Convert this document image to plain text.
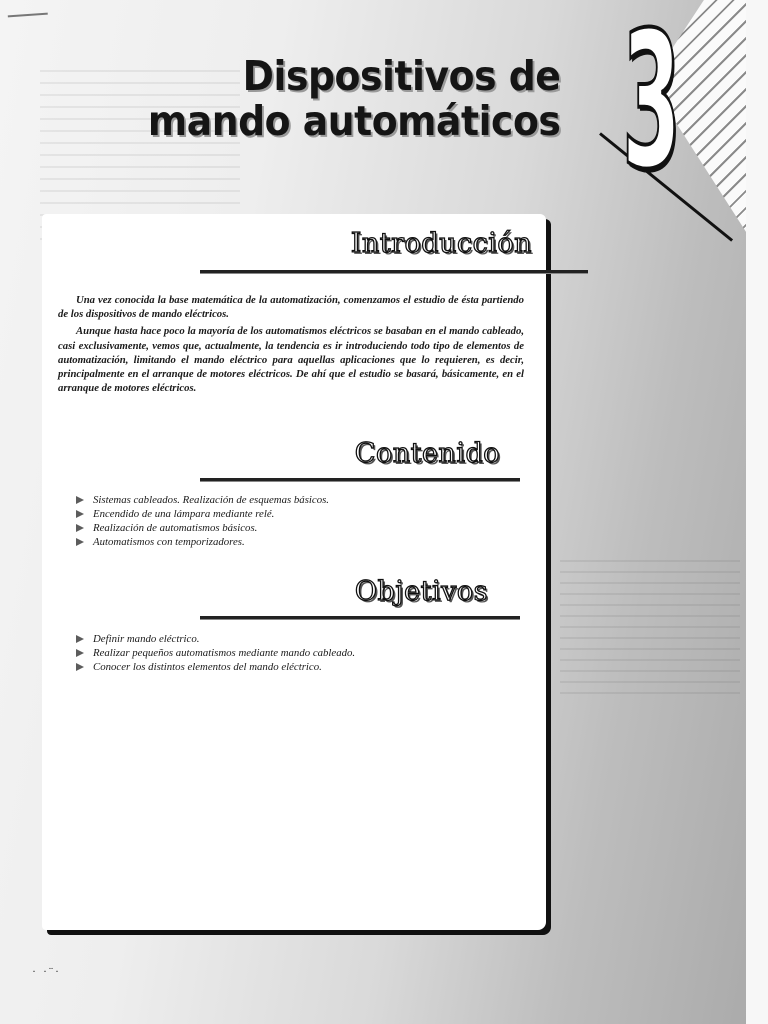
3
Dispositivos de
mando automáticos
Introducción

Una vez conocida la base matemática de la automatización, comenzamos el estudio de ésta partiendo de los dispositivos de mando eléctricos.

Aunque hasta hace poco la mayoría de los automatismos eléctricos se basaban en el mando cableado, casi exclusivamente, vemos que, actualmente, la tendencia es ir introduciendo todo tipo de elementos de automatización, limitando el mando eléctrico para aquellas aplicaciones que lo requieren, es decir, principalmente en el arranque de motores eléctricos. De ahí que el estudio se basará, básicamente, en el arranque de motores eléctricos.

Contenido
Sistemas cableados. Realización de esquemas básicos.
Encendido de una lámpara mediante relé.
Realización de automatismos básicos.
Automatismos con temporizadores.
Objetivos
Definir mando eléctrico.
Realizar pequeños automatismos mediante mando cableado.
Conocer los distintos elementos del mando eléctrico.
· ·¨·
